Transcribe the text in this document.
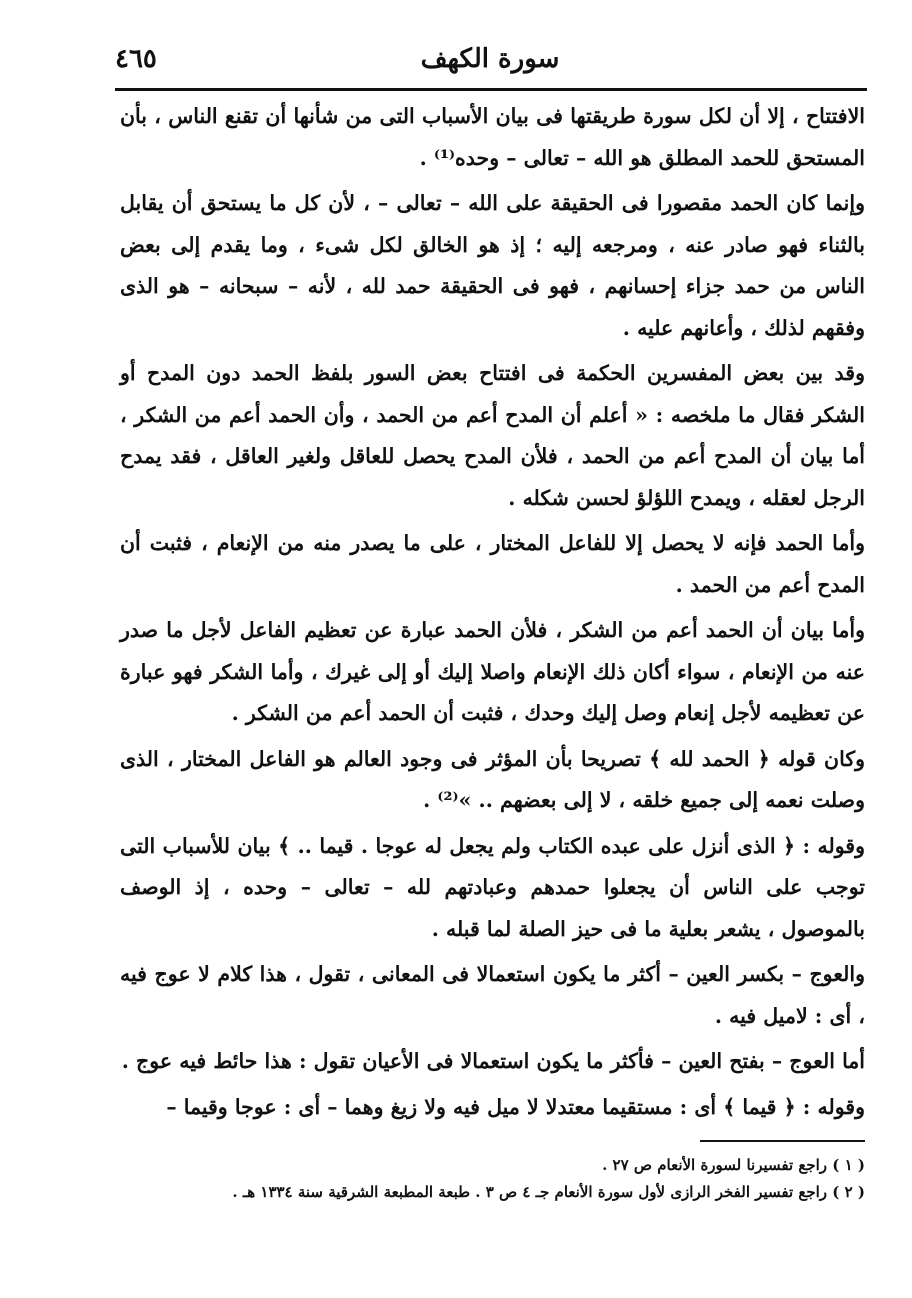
سورة الكهف
٤٦٥

الافتتاح ، إلا أن لكل سورة طريقتها فى بيان الأسباب التى من شأنها أن تقنع الناس ، بأن المستحق للحمد المطلق هو الله – تعالى – وحده⁽¹⁾ .

وإنما كان الحمد مقصورا فى الحقيقة على الله – تعالى – ، لأن كل ما يستحق أن يقابل بالثناء فهو صادر عنه ، ومرجعه إليه ؛ إذ هو الخالق لكل شىء ، وما يقدم إلى بعض الناس من حمد جزاء إحسانهم ، فهو فى الحقيقة حمد لله ، لأنه – سبحانه – هو الذى وفقهم لذلك ، وأعانهم عليه .

وقد بين بعض المفسرين الحكمة فى افتتاح بعض السور بلفظ الحمد دون المدح أو الشكر فقال ما ملخصه : « أعلم أن المدح أعم من الحمد ، وأن الحمد أعم من الشكر ، أما بيان أن المدح أعم من الحمد ، فلأن المدح يحصل للعاقل ولغير العاقل ، فقد يمدح الرجل لعقله ، ويمدح اللؤلؤ لحسن شكله .

وأما الحمد فإنه لا يحصل إلا للفاعل المختار ، على ما يصدر منه من الإنعام ، فثبت أن المدح أعم من الحمد .

وأما بيان أن الحمد أعم من الشكر ، فلأن الحمد عبارة عن تعظيم الفاعل لأجل ما صدر عنه من الإنعام ، سواء أكان ذلك الإنعام واصلا إليك أو إلى غيرك ، وأما الشكر فهو عبارة عن تعظيمه لأجل إنعام وصل إليك وحدك ، فثبت أن الحمد أعم من الشكر .

وكان قوله ﴿ الحمد لله ﴾ تصريحا بأن المؤثر فى وجود العالم هو الفاعل المختار ، الذى وصلت نعمه إلى جميع خلقه ، لا إلى بعضهم .. »⁽²⁾ .

وقوله : ﴿ الذى أنزل على عبده الكتاب ولم يجعل له عوجا . قيما .. ﴾ بيان للأسباب التى توجب على الناس أن يجعلوا حمدهم وعبادتهم لله – تعالى – وحده ، إذ الوصف بالموصول ، يشعر بعلية ما فى حيز الصلة لما قبله .

والعوج – بكسر العين – أكثر ما يكون استعمالا فى المعانى ، تقول ، هذا كلام لا عوج فيه ، أى : لاميل فيه .

أما العوج – بفتح العين – فأكثر ما يكون استعمالا فى الأعيان تقول : هذا حائط فيه عوج .

وقوله : ﴿ قيما ﴾ أى : مستقيما معتدلا لا ميل فيه ولا زيغ وهما – أى : عوجا وقيما –

( ١ ) راجع تفسيرنا لسورة الأنعام ص ٢٧ .

( ٢ ) راجع تفسير الفخر الرازى لأول سورة الأنعام جـ ٤ ص ٣ . طبعة المطبعة الشرقية سنة ١٣٣٤ هـ .
